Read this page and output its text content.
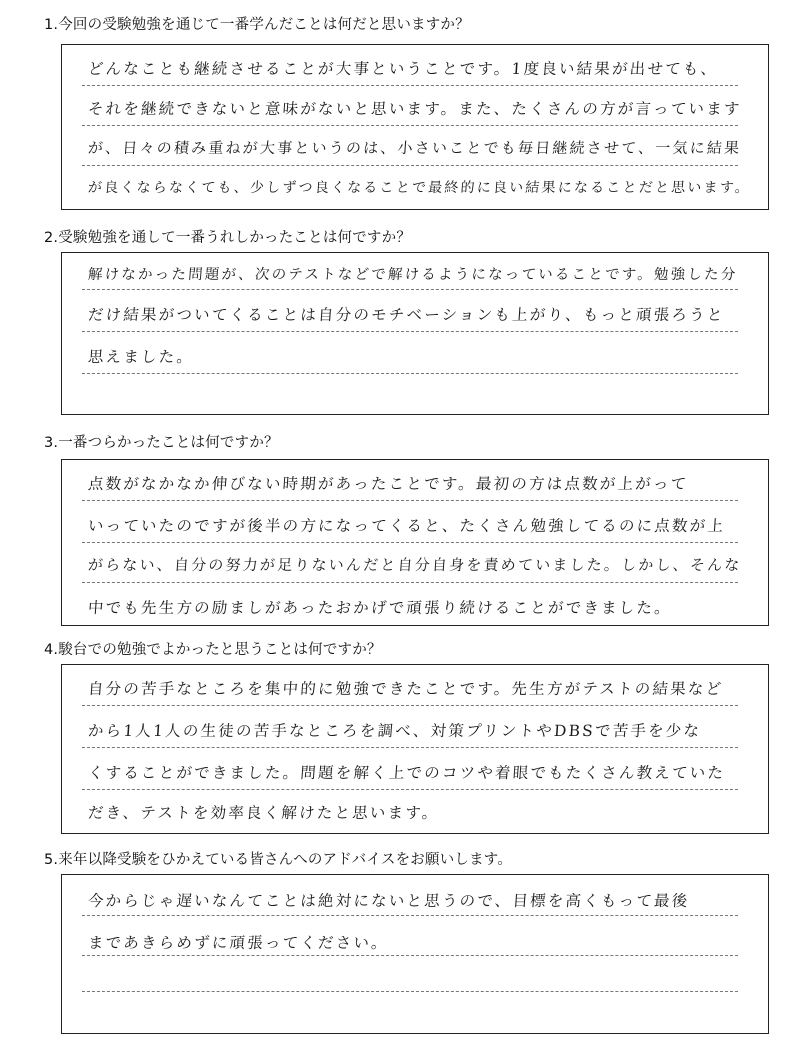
1.今回の受験勉強を通じて一番学んだことは何だと思いますか？
どんなことも継続させることが大事ということです。1度良い結果が出せても、
それを継続できないと意味がないと思います。また、たくさんの方が言っています
が、日々の積み重ねが大事というのは、小さいことでも毎日継続させて、一気に結果
が良くならなくても、少しずつ良くなることで最終的に良い結果になることだと思います。
2.受験勉強を通して一番うれしかったことは何ですか？
解けなかった問題が、次のテストなどで解けるようになっていることです。勉強した分
だけ結果がついてくることは自分のモチベーションも上がり、もっと頑張ろうと
思えました。
3.一番つらかったことは何ですか？
点数がなかなか伸びない時期があったことです。最初の方は点数が上がって
いっていたのですが後半の方になってくると、たくさん勉強してるのに点数が上
がらない、自分の努力が足りないんだと自分自身を責めていました。しかし、そんな
中でも先生方の励ましがあったおかげで頑張り続けることができました。
4.駿台での勉強でよかったと思うことは何ですか？
自分の苦手なところを集中的に勉強できたことです。先生方がテストの結果など
から1人1人の生徒の苦手なところを調べ、対策プリントやDBSで苦手を少な
くすることができました。問題を解く上でのコツや着眼でもたくさん教えていた
だき、テストを効率良く解けたと思います。
5.来年以降受験をひかえている皆さんへのアドバイスをお願いします。
今からじゃ遅いなんてことは絶対にないと思うので、目標を高くもって最後
まであきらめずに頑張ってください。
